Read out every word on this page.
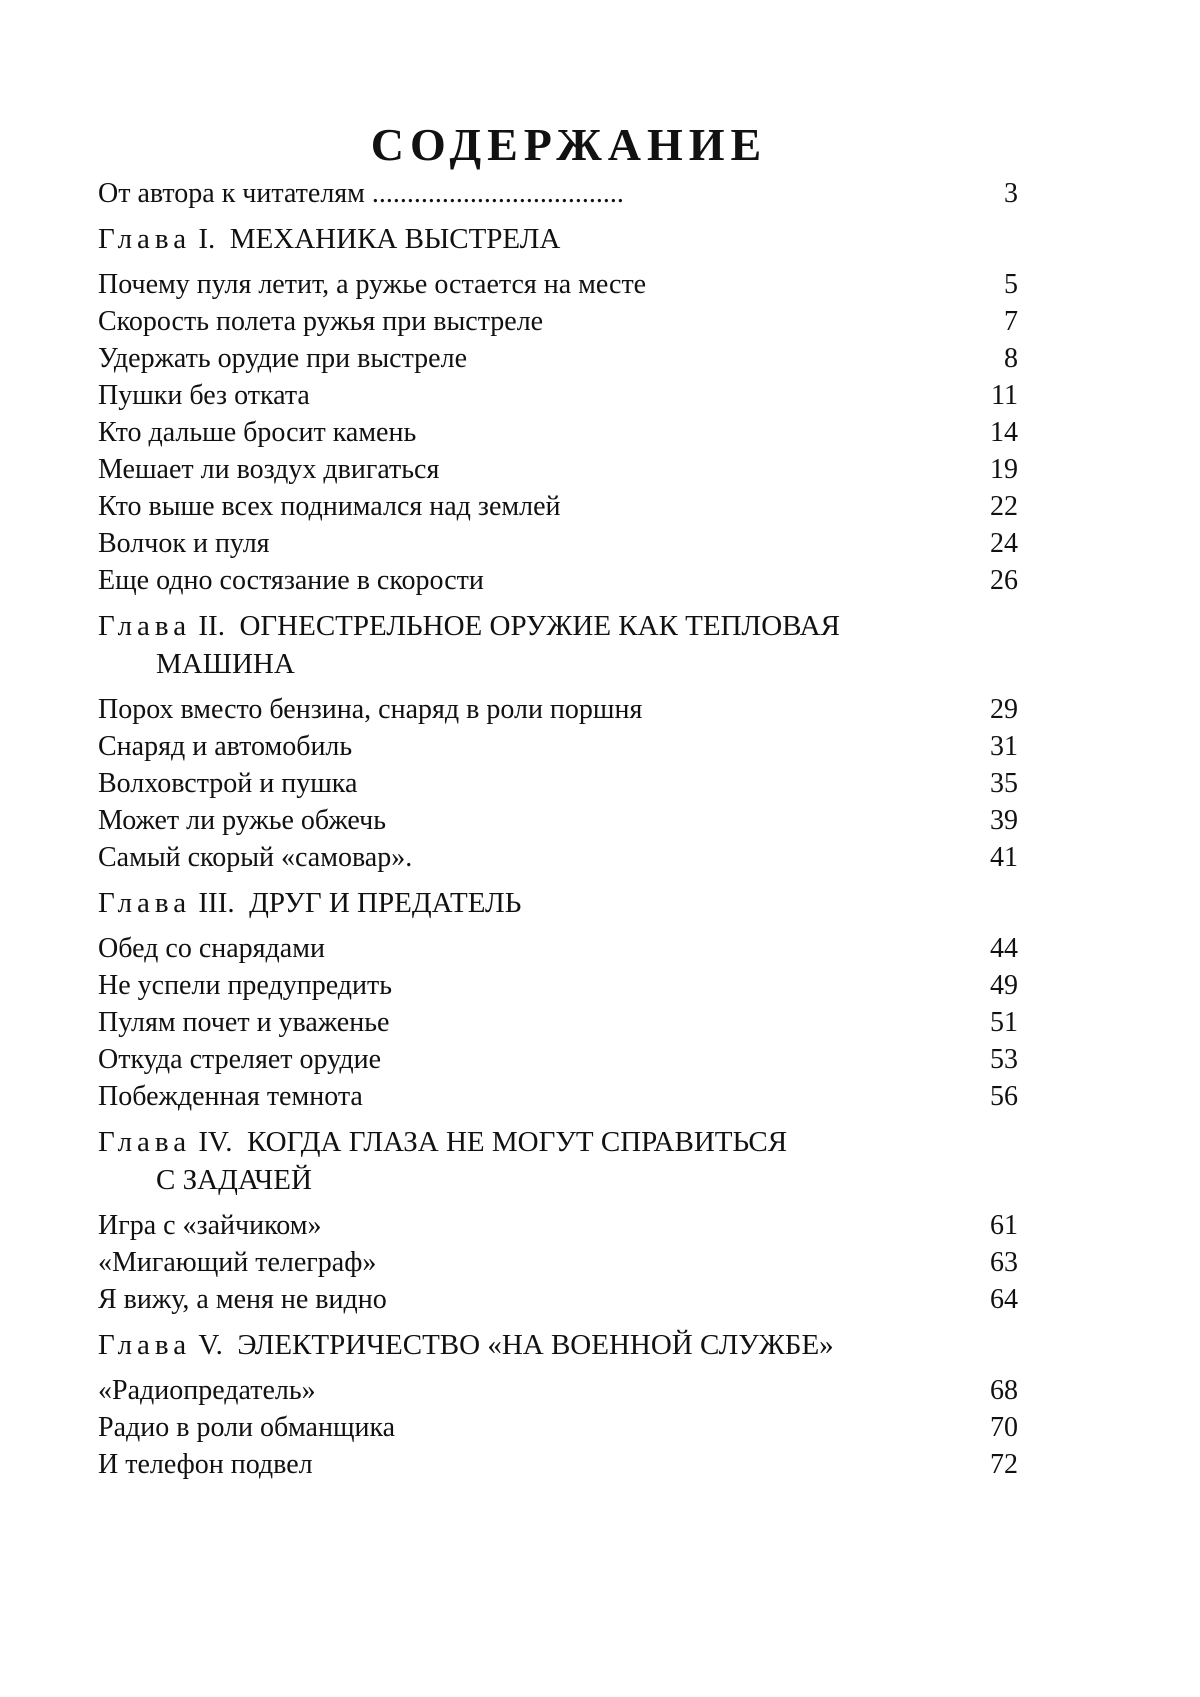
СОДЕРЖАНИЕ
От автора к читателям ....................................	3
Глава I. МЕХАНИКА ВЫСТРЕЛА
Почему пуля летит, а ружье остается на месте	5
Скорость полета ружья при выстреле	7
Удержать орудие при выстреле	8
Пушки без отката	11
Кто дальше бросит камень	14
Мешает ли воздух двигаться	19
Кто выше всех поднимался над землей	22
Волчок и пуля	24
Еще одно состязание в скорости	26
Глава II. ОГНЕСТРЕЛЬНОЕ ОРУЖИЕ КАК ТЕПЛОВАЯ
МАШИНА
Порох вместо бензина, снаряд в роли поршня	29
Снаряд и автомобиль	31
Волховстрой и пушка	35
Может ли ружье обжечь	39
Самый скорый «самовар».	41
Глава III. ДРУГ И ПРЕДАТЕЛЬ
Обед со снарядами	44
Не успели предупредить	49
Пулям почет и уваженье	51
Откуда стреляет орудие	53
Побежденная темнота	56
Глава IV. КОГДА ГЛАЗА НЕ МОГУТ СПРАВИТЬСЯ
С ЗАДАЧЕЙ
Игра с «зайчиком»	61
«Мигающий телеграф»	63
Я вижу, а меня не видно	64
Глава V. ЭЛЕКТРИЧЕСТВО «НА ВОЕННОЙ СЛУЖБЕ»
«Радиопредатель»	68
Радио в роли обманщика	70
И телефон подвел	72
